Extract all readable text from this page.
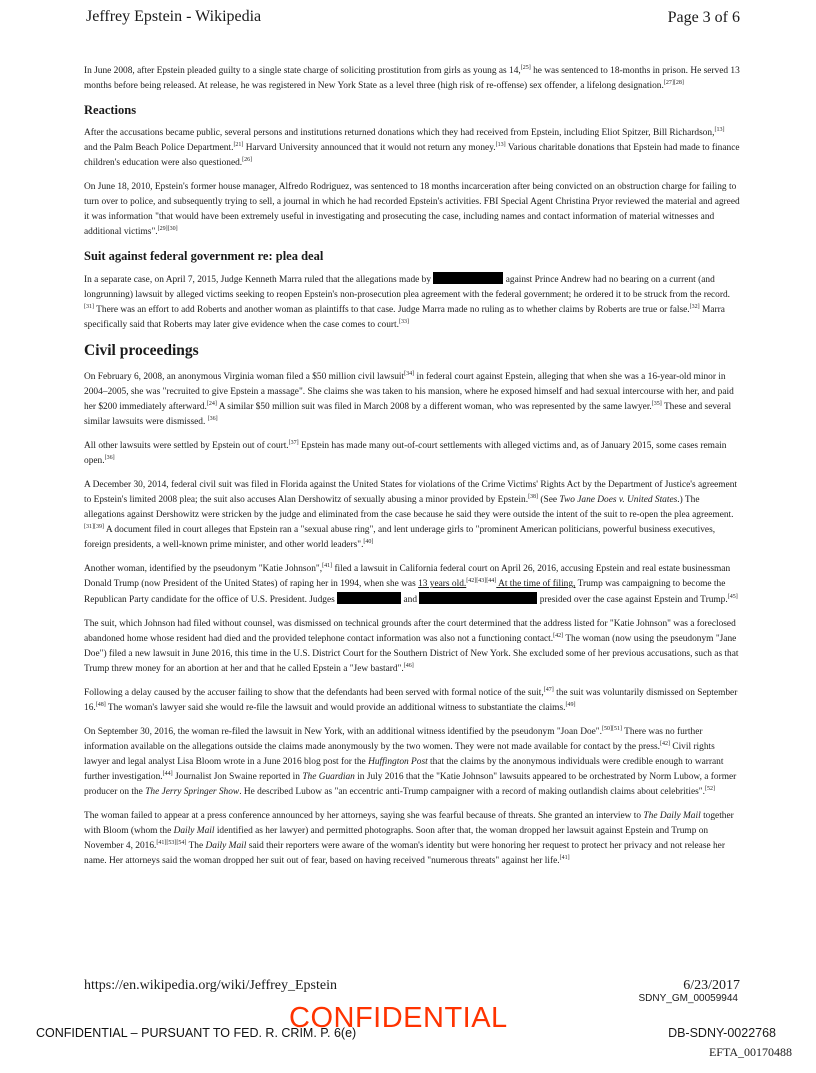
Jeffrey Epstein - Wikipedia	Page 3 of 6

In June 2008, after Epstein pleaded guilty to a single state charge of soliciting prostitution from girls as young as 14,[25] he was sentenced to 18-months in prison. He served 13 months before being released. At release, he was registered in New York State as a level three (high risk of re-offense) sex offender, a lifelong designation.[27][28]

Reactions

After the accusations became public, several persons and institutions returned donations which they had received from Epstein, including Eliot Spitzer, Bill Richardson,[13] and the Palm Beach Police Department.[21] Harvard University announced that it would not return any money.[13] Various charitable donations that Epstein had made to finance children's education were also questioned.[26]

On June 18, 2010, Epstein's former house manager, Alfredo Rodriguez, was sentenced to 18 months incarceration after being convicted on an obstruction charge for failing to turn over to police, and subsequently trying to sell, a journal in which he had recorded Epstein's activities. FBI Special Agent Christina Pryor reviewed the material and agreed it was information "that would have been extremely useful in investigating and prosecuting the case, including names and contact information of material witnesses and additional victims".[29][30]

Suit against federal government re: plea deal

In a separate case, on April 7, 2015, Judge Kenneth Marra ruled that the allegations made by	against Prince Andrew had no bearing on a current (and longrunning) lawsuit by alleged victims seeking to reopen Epstein's non-prosecution plea agreement with the federal government; he ordered it to be struck from the record.[31] There was an effort to add Roberts and another woman as plaintiffs to that case. Judge Marra made no ruling as to whether claims by Roberts are true or false.[32] Marra specifically said that Roberts may later give evidence when the case comes to court.[33]

Civil proceedings

On February 6, 2008, an anonymous Virginia woman filed a $50 million civil lawsuit[34] in federal court against Epstein, alleging that when she was a 16-year-old minor in 2004–2005, she was "recruited to give Epstein a massage". She claims she was taken to his mansion, where he exposed himself and had sexual intercourse with her, and paid her $200 immediately afterward.[24] A similar $50 million suit was filed in March 2008 by a different woman, who was represented by the same lawyer.[35] These and several similar lawsuits were dismissed. [36]

All other lawsuits were settled by Epstein out of court.[37] Epstein has made many out-of-court settlements with alleged victims and, as of January 2015, some cases remain open.[36]

A December 30, 2014, federal civil suit was filed in Florida against the United States for violations of the Crime Victims' Rights Act by the Department of Justice's agreement to Epstein's limited 2008 plea; the suit also accuses Alan Dershowitz of sexually abusing a minor provided by Epstein.[38] (See Two Jane Does v. United States.) The allegations against Dershowitz were stricken by the judge and eliminated from the case because he said they were outside the intent of the suit to re-open the plea agreement.[31][39] A document filed in court alleges that Epstein ran a "sexual abuse ring", and lent underage girls to "prominent American politicians, powerful business executives, foreign presidents, a well-known prime minister, and other world leaders".[40]

Another woman, identified by the pseudonym "Katie Johnson",[41] filed a lawsuit in California federal court on April 26, 2016, accusing Epstein and real estate businessman Donald Trump (now President of the United States) of raping her in 1994, when she was 13 years old.[42][43][44] At the time of filing, Trump was campaigning to become the Republican Party candidate for the office of U.S. President. Judges	and	presided over the case against Epstein and Trump.[45]

The suit, which Johnson had filed without counsel, was dismissed on technical grounds after the court determined that the address listed for "Katie Johnson" was a foreclosed abandoned home whose resident had died and the provided telephone contact information was also not a functioning contact.[42] The woman (now using the pseudonym "Jane Doe") filed a new lawsuit in June 2016, this time in the U.S. District Court for the Southern District of New York. She excluded some of her previous accusations, such as that Trump threw money for an abortion at her and that he called Epstein a "Jew bastard".[46]

Following a delay caused by the accuser failing to show that the defendants had been served with formal notice of the suit,[47] the suit was voluntarily dismissed on September 16.[48] The woman's lawyer said she would re-file the lawsuit and would provide an additional witness to substantiate the claims.[49]

On September 30, 2016, the woman re-filed the lawsuit in New York, with an additional witness identified by the pseudonym "Joan Doe".[50][51] There was no further information available on the allegations outside the claims made anonymously by the two women. They were not made available for contact by the press.[42] Civil rights lawyer and legal analyst Lisa Bloom wrote in a June 2016 blog post for the Huffington Post that the claims by the anonymous individuals were credible enough to warrant further investigation.[44] Journalist Jon Swaine reported in The Guardian in July 2016 that the "Katie Johnson" lawsuits appeared to be orchestrated by Norm Lubow, a former producer on the The Jerry Springer Show. He described Lubow as "an eccentric anti-Trump campaigner with a record of making outlandish claims about celebrities".[52]

The woman failed to appear at a press conference announced by her attorneys, saying she was fearful because of threats. She granted an interview to The Daily Mail together with Bloom (whom the Daily Mail identified as her lawyer) and permitted photographs. Soon after that, the woman dropped her lawsuit against Epstein and Trump on November 4, 2016.[41][53][54] The Daily Mail said their reporters were aware of the woman's identity but were honoring her request to protect her privacy and not release her name. Her attorneys said the woman dropped her suit out of fear, based on having received "numerous threats" against her life.[41]

https://en.wikipedia.org/wiki/Jeffrey_Epstein	6/23/2017
SDNY_GM_00059944
CONFIDENTIAL – PURSUANT TO FED. R. CRIM. P. 6(e)
CONFIDENTIAL	DB-SDNY-0022768
EFTA_00170488
